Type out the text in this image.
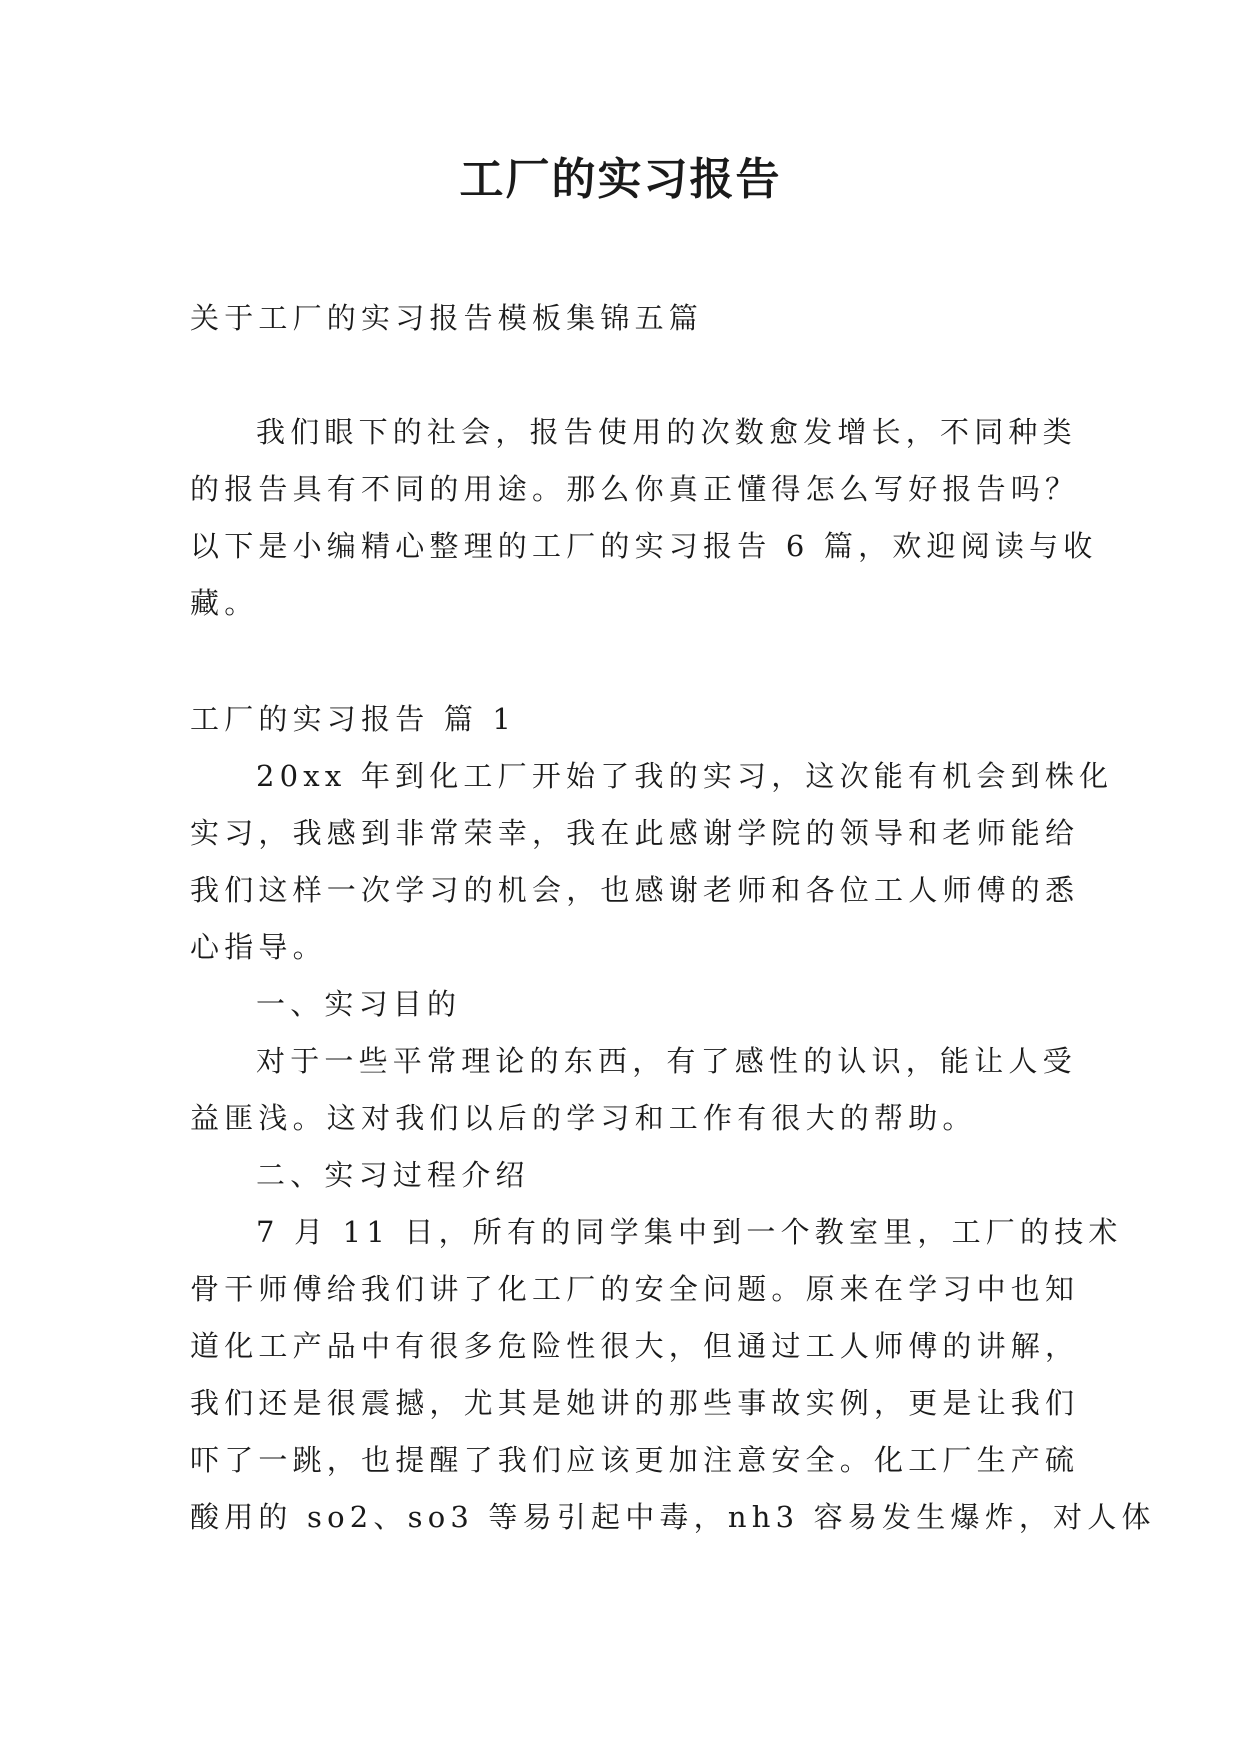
工厂的实习报告
关于工厂的实习报告模板集锦五篇
我们眼下的社会，报告使用的次数愈发增长，不同种类
的报告具有不同的用途。那么你真正懂得怎么写好报告吗？
以下是小编精心整理的工厂的实习报告 6 篇，欢迎阅读与收
藏。
工厂的实习报告 篇 1
20xx 年到化工厂开始了我的实习，这次能有机会到株化
实习，我感到非常荣幸，我在此感谢学院的领导和老师能给
我们这样一次学习的机会，也感谢老师和各位工人师傅的悉
心指导。
一、实习目的
对于一些平常理论的东西，有了感性的认识，能让人受
益匪浅。这对我们以后的学习和工作有很大的帮助。
二、实习过程介绍
7 月 11 日，所有的同学集中到一个教室里，工厂的技术
骨干师傅给我们讲了化工厂的安全问题。原来在学习中也知
道化工产品中有很多危险性很大，但通过工人师傅的讲解，
我们还是很震撼，尤其是她讲的那些事故实例，更是让我们
吓了一跳，也提醒了我们应该更加注意安全。化工厂生产硫
酸用的 so2、so3 等易引起中毒，nh3 容易发生爆炸，对人体
